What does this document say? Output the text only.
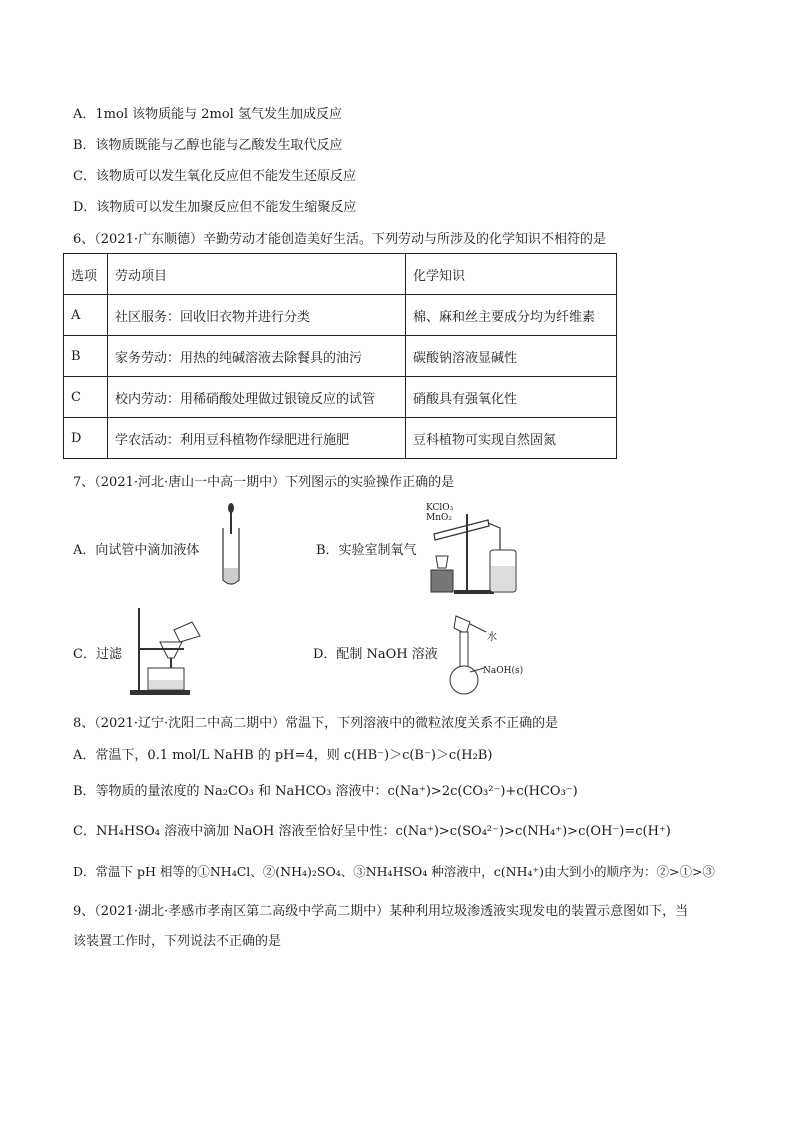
A．1mol 该物质能与 2mol 氢气发生加成反应
B．该物质既能与乙醇也能与乙酸发生取代反应
C．该物质可以发生氧化反应但不能发生还原反应
D．该物质可以发生加聚反应但不能发生缩聚反应
6、（2021·广东顺德）辛勤劳动才能创造美好生活。下列劳动与所涉及的化学知识不相符的是
选项	劳动项目	化学知识
A	社区服务：回收旧衣物并进行分类	棉、麻和丝主要成分均为纤维素
B	家务劳动：用热的纯碱溶液去除餐具的油污	碳酸钠溶液显碱性
C	校内劳动：用稀硝酸处理做过银镜反应的试管	硝酸具有强氧化性
D	学农活动：利用豆科植物作绿肥进行施肥	豆科植物可实现自然固氮
7、（2021·河北·唐山一中高一期中）下列图示的实验操作正确的是
A．向试管中滴加液体	B．实验室制氧气
KClO₃
MnO₂
C．过滤	D．配制 NaOH 溶液
水
NaOH(s)
8、（2021·辽宁·沈阳二中高二期中）常温下，下列溶液中的微粒浓度关系不正确的是
A．常温下，0.1 mol/L NaHB 的 pH=4，则 c(HB⁻)＞c(B⁻)＞c(H₂B)
B．等物质的量浓度的 Na₂CO₃ 和 NaHCO₃ 溶液中：c(Na⁺)>2c(CO₃²⁻)+c(HCO₃⁻)
C．NH₄HSO₄ 溶液中滴加 NaOH 溶液至恰好呈中性：c(Na⁺)>c(SO₄²⁻)>c(NH₄⁺)>c(OH⁻)=c(H⁺)
D．常温下 pH 相等的①NH₄Cl、②(NH₄)₂SO₄、③NH₄HSO₄ 种溶液中，c(NH₄⁺)由大到小的顺序为：②>①>③
9、（2021·湖北·孝感市孝南区第二高级中学高二期中）某种利用垃圾渗透液实现发电的装置示意图如下，当
该装置工作时，下列说法不正确的是
